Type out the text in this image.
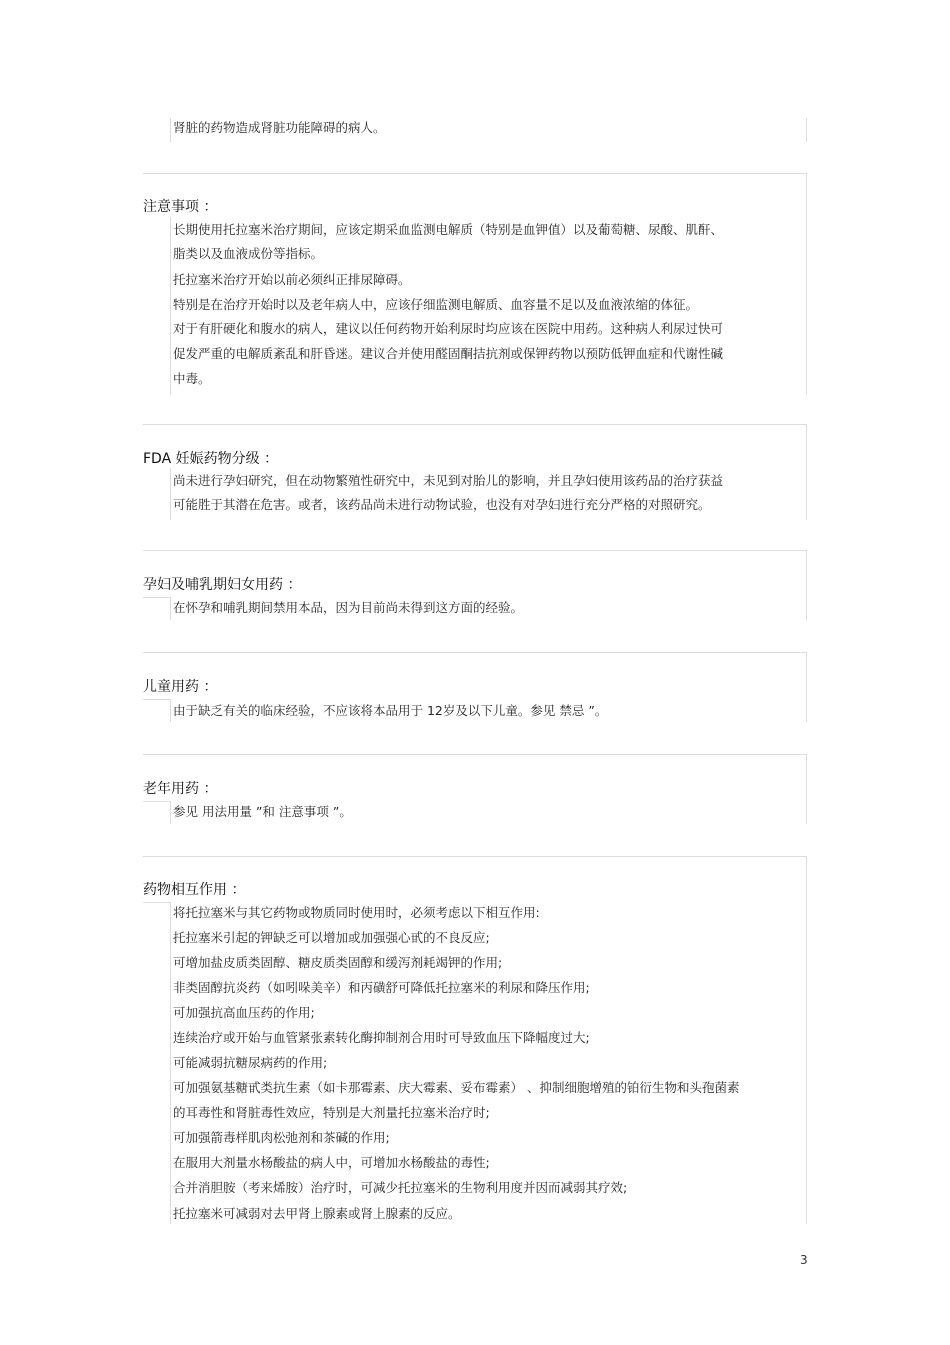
肾脏的药物造成肾脏功能障碍的病人。
注意事项 ：
长期使用托拉塞米治疗期间，应该定期采血监测电解质（特别是血钾值）以及葡萄糖、尿酸、肌酐、
脂类以及血液成份等指标。
托拉塞米治疗开始以前必须纠正排尿障碍。
特别是在治疗开始时以及老年病人中，应该仔细监测电解质、血容量不足以及血液浓缩的体征。
对于有肝硬化和腹水的病人，建议以任何药物开始利尿时均应该在医院中用药。这种病人利尿过快可
促发严重的电解质紊乱和肝昏迷。建议合并使用醛固酮拮抗剂或保钾药物以预防低钾血症和代谢性碱
中毒。
FDA 妊娠药物分级 ：
尚未进行孕妇研究，但在动物繁殖性研究中，未见到对胎儿的影响，并且孕妇使用该药品的治疗获益
可能胜于其潜在危害。或者，该药品尚未进行动物试验，也没有对孕妇进行充分严格的对照研究。
孕妇及哺乳期妇女用药 ：
在怀孕和哺乳期间禁用本品，因为目前尚未得到这方面的经验。
儿童用药 ：
由于缺乏有关的临床经验，不应该将本品用于 12岁及以下儿童。参见 禁忌 ”。
老年用药 ：
参见 用法用量 ”和 注意事项 ”。
药物相互作用 ：
将托拉塞米与其它药物或物质同时使用时，必须考虑以下相互作用:
托拉塞米引起的钾缺乏可以增加或加强强心甙的不良反应;
可增加盐皮质类固醇、糖皮质类固醇和缓泻剂耗竭钾的作用;
非类固醇抗炎药（如吲哚美辛）和丙磺舒可降低托拉塞米的利尿和降压作用;
可加强抗高血压药的作用;
连续治疗或开始与血管紧张素转化酶抑制剂合用时可导致血压下降幅度过大;
可能减弱抗糖尿病药的作用;
可加强氨基糖甙类抗生素（如卡那霉素、庆大霉素、妥布霉素） 、抑制细胞增殖的铂衍生物和头孢菌素
的耳毒性和肾脏毒性效应，特别是大剂量托拉塞米治疗时;
可加强箭毒样肌肉松弛剂和茶碱的作用;
在服用大剂量水杨酸盐的病人中，可增加水杨酸盐的毒性;
合并消胆胺（考来烯胺）治疗时，可减少托拉塞米的生物利用度并因而减弱其疗效;
托拉塞米可减弱对去甲肾上腺素或肾上腺素的反应。
3
